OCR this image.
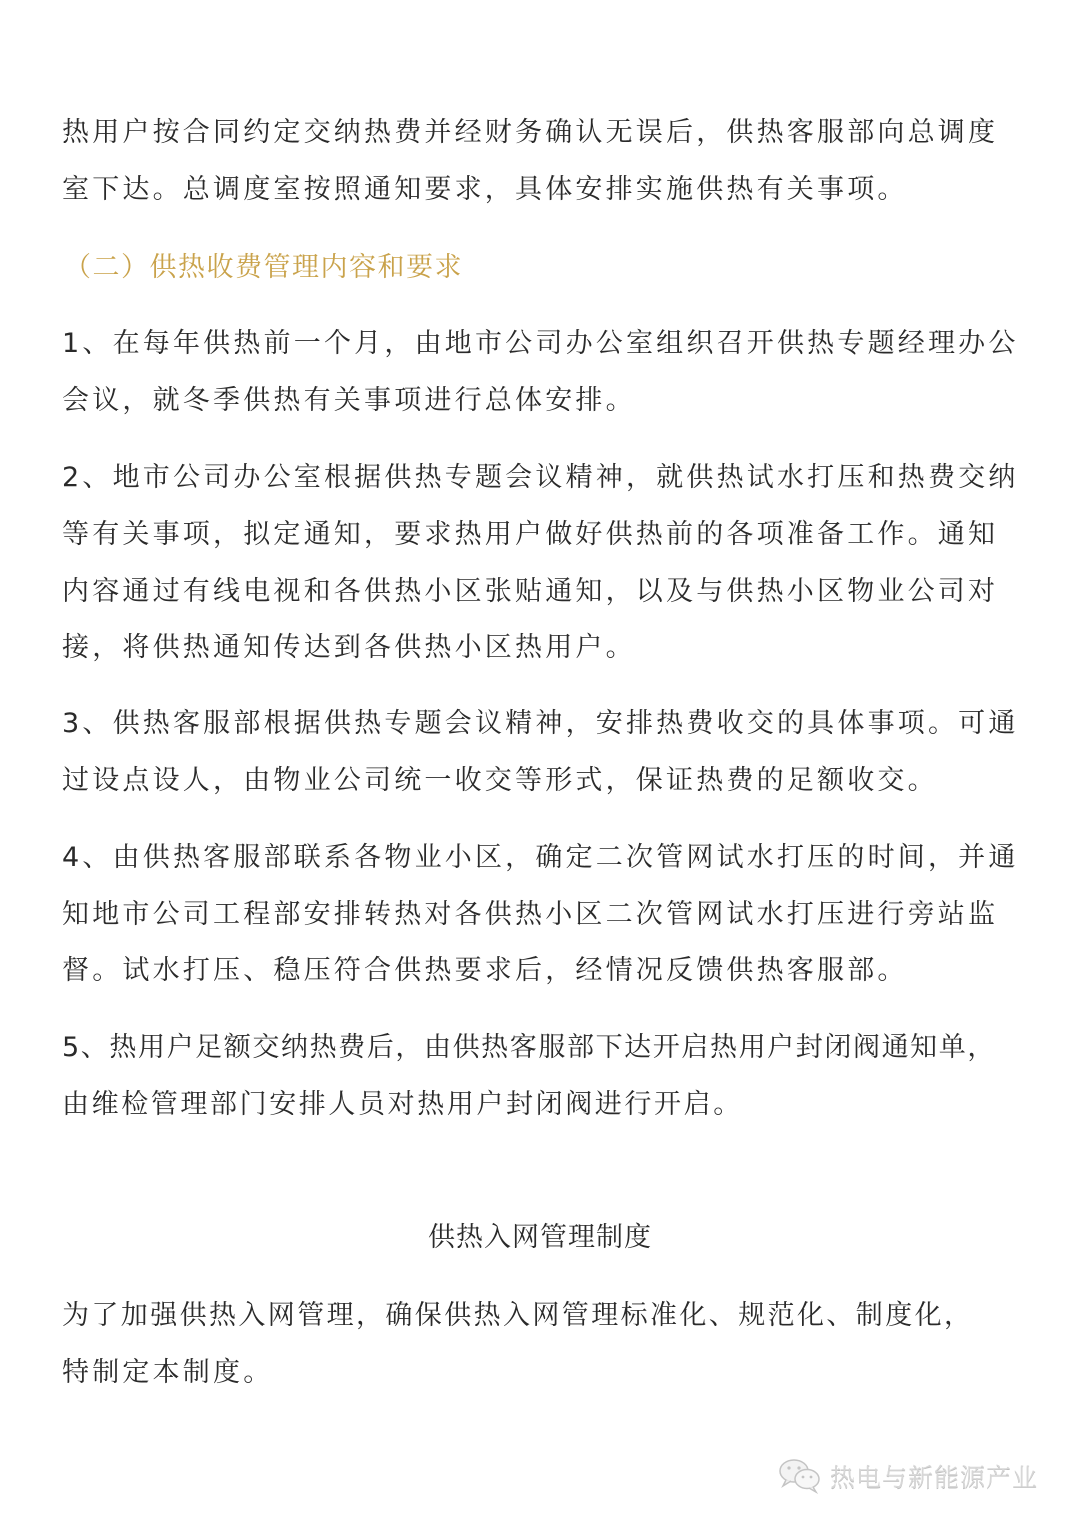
热用户按合同约定交纳热费并经财务确认无误后，供热客服部向总调度
室下达。总调度室按照通知要求，具体安排实施供热有关事项。
（二）供热收费管理内容和要求
1、在每年供热前一个月，由地市公司办公室组织召开供热专题经理办公
会议，就冬季供热有关事项进行总体安排。
2、地市公司办公室根据供热专题会议精神，就供热试水打压和热费交纳
等有关事项，拟定通知，要求热用户做好供热前的各项准备工作。通知
内容通过有线电视和各供热小区张贴通知，以及与供热小区物业公司对
接，将供热通知传达到各供热小区热用户。
3、供热客服部根据供热专题会议精神，安排热费收交的具体事项。可通
过设点设人，由物业公司统一收交等形式，保证热费的足额收交。
4、由供热客服部联系各物业小区，确定二次管网试水打压的时间，并通
知地市公司工程部安排转热对各供热小区二次管网试水打压进行旁站监
督。试水打压、稳压符合供热要求后，经情况反馈供热客服部。
5、热用户足额交纳热费后，由供热客服部下达开启热用户封闭阀通知单，
由维检管理部门安排人员对热用户封闭阀进行开启。
供热入网管理制度
为了加强供热入网管理，确保供热入网管理标准化、规范化、制度化，
特制定本制度。
热电与新能源产业
